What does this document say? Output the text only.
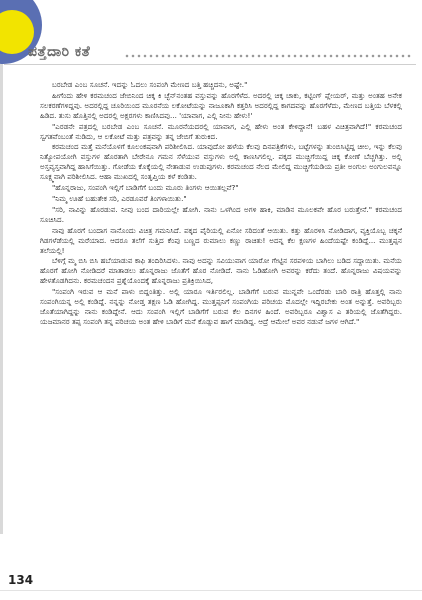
ಪತ್ತೆದಾರಿ ಕತೆ

ಬರಬೇಡ ಎಂಬ ಸೂಚನೆ. ಇದನ್ನು ಓದಲು ಸಂಪಂಗಿ ಮೇಣದ ಬತ್ತಿ ಹಚ್ಚಿದನು, ಅಷ್ಟೇ."

ಹೀಗೆಂದು ಹೇಳಿ ಕರಮಚಂದ ಜೇಬಿನಿಂದ ಚಿಕ್ಕ ಕಿ ಚ್ಛೆನ್‌ನಂತಹ ವಸ್ತುವನ್ನು ಹೊರಗೆಳೆದ. ಅದರಲ್ಲಿ ಚಿಕ್ಕ ಚಾಕು, ಕಟ್ಟಿಂಗ್ ಪ್ಲೇಯರ್, ಮತ್ತು ಅಂತಹ ಅನೇಕ ಸಲಕರಣೆಗಳಿದ್ದವು. ಅದರಲ್ಲಿದ್ದ ಚೂರಿಯಿಂದ ಮೂರನೆಯ ಲಕೋಟೆಯನ್ನು ನಾಜೂಕಾಗಿ ಕತ್ತರಿಸಿ ಅದರಲ್ಲಿದ್ದ ಕಾಗದವನ್ನು ಹೊರಗೆಳೆದು, ಮೇಣದ ಬತ್ತಿಯ ಬೆಳಕಲ್ಲಿ ಹಿಡಿದ. ತುಸು ಹೊತ್ತಿನಲ್ಲಿ ಅದರಲ್ಲಿ ಅಕ್ಷರಗಳು ಕಾಣಿಸಿದವು... 'ಯಾವಾಗ, ಎಲ್ಲಿ ನೀನು ಹೇಳು!'

"ಎರಡನೇ ಪತ್ರದಲ್ಲಿ ಬರಬೇಡ ಎಂಬ ಸೂಚನೆ. ಮೂರನೆಯದರಲ್ಲಿ ಯಾವಾಗ, ಎಲ್ಲಿ ಹೇಳು ಅಂತ ಕೇಳಿದ್ದಾನೆ! ಬಹಳ ವಿಚಿತ್ರವಾಗಿದೆ!" ಕರಮಚಂದ ಸ್ವಗತವೆಂಬಂತೆ ನುಡಿದು, ಆ ಲಕೋಟೆ ಮತ್ತು ಪತ್ರವನ್ನು ತನ್ನ ಜೇಬಿಗೆ ತುರುಕಿದ.

ಕರಮಚಂದ ಮತ್ತೆ ಮನೆಯೊಳಗೆ ಕೂಲಂಕಷವಾಗಿ ಪರಿಶೀಲಿಸಿದ. ಯಾವುದೋ ಹಳೆಯ ಕೆಲವು ದಿನಪತ್ರಿಕೆಗಳು, ಬಟ್ಟೆಗಳನ್ನು ತುಂಬಿಸಿಟ್ಟಿದ್ದ ಚೀಲ, ಇನ್ನು ಕೆಲವು ನಿತ್ಯೋಪಯೋಗಿ ವಸ್ತುಗಳ ಹೊರತಾಗಿ ಬೇರೇನೂ ಗಮನ ಸೆಳೆಯುವ ವಸ್ತುಗಳು ಅಲ್ಲಿ ಕಾಣಸಿಗಲಿಲ್ಲ. ಪಕ್ಕದ ಮುಚ್ಚಿಗೆಯಿದ್ದ ಚಿಕ್ಕ ಕೋಣೆ ಬೆಚ್ಚಗಿತ್ತು. ಅಲ್ಲಿ ಅಸ್ತವ್ಯಸ್ತವಾಗಿದ್ದ ಹಾಸಿಗೆಯಿತ್ತು. ಗೋಡೆಯ ಕೊಕ್ಕೆಯಲ್ಲಿ ನೇತಾಡುವ ಉಡುಪುಗಳು. ಕರಮಚಂದ ನೆಲದ ಮೇಲಿದ್ದ ಮುಚ್ಚಿಗೆಯಡಿಯ ಪ್ರತೀ ಅಂಗುಲ ಅಂಗುಲವನ್ನೂ ಸೂಕ್ಷ್ಮವಾಗಿ ಪರಿಶೀಲಿಸಿದ. ಆಹಾ ಮುಖದಲ್ಲಿ ಸಂತೃಪ್ತಿಯ ಕಳೆ ಕಂಡಿತು.

"ಹೊನ್ನರಾಜು, ಸಂಪಂಗಿ ಇಲ್ಲಿಗೆ ಬಾಡಿಗೆಗೆ ಬಂದು ಮೂರು ತಿಂಗಳು ಆಯಿತಲ್ಲವೆ?"

"ನಿಮ್ಮ ಊಹೆ ಬಹುತೇಕ ಸರಿ, ಎರಡೂವರೆ ತಿಂಗಳಾಯಿತು."

"ಸರಿ, ನಾವಿನ್ನು ಹೊರಡುವ. ನೀವು ಬಂದ ದಾರಿಯಲ್ಲೇ ಹೋಗಿ. ನಾನು ಒಳಗಿಂದ ಅಗಳಿ ಹಾಕಿ, ಮಾಡಿನ ಮೂಲಕವೇ ಹೊರ ಬರುತ್ತೇನೆ." ಕರಮಚಂದ ಸೂಚಿಸಿದ.

ನಾವು ಹೊರಗೆ ಬಂದಾಗ ನಾನೊಂದು ವಿಚಿತ್ರ ಗಮನಿಸಿದೆ. ಪಕ್ಕದ ಪೈರಿಯಲ್ಲಿ ಏನೋ ಸರಿದಂತೆ ಆಯಿತು. ಕತ್ತು ಹೊರಳಿಸಿ ನೋಡಿದಾಗ, ವ್ಯಕ್ತಿಯೊಬ್ಬ ಚಕ್ಕನೆ ಗಿಡಗಳೆಡೆಯಲ್ಲಿ ಮರೆಯಾದ. ಆದರೂ ತಲೆಗೆ ಸುತ್ತಿದ ಕೆಂಪು ಬಣ್ಣದ ರುಮಾಲು ಕಣ್ಣು ರಾಚಿತು! ಅದನ್ನ ಕೆಲ ಕ್ಷಣಗಳ ಹಿಂದೆಯಷ್ಟೇ ಕಂಡಿದ್ದೆ... ಮುತ್ತಪ್ಪನ ತಲೆಯಲ್ಲಿ!

ಬೆಳಿಗ್ಗೆ ಮ್ಮ ಬಿಸಿ ಬಿಸಿ ಹಬೆಯಾಡುವ ಕಾಫಿ ತಂದಿರಿಸಿದಳು. ನಾವು ಅದನ್ನು ಸವಿಯುವಾಗ ಯಾರೋ ಗೇಟ್ಟಿನ ಸರಪಳಿಯ ಬಾಗಿಲು ಬಡಿದ ಸದ್ದಾಯಿತು. ಮನೆಯ ಹೊರಗೆ ಹೋಗಿ ನೋಡಿದರೆ ಮಾತಾಡಲು ಹೊನ್ನರಾಜು ಜೊತೆಗೆ ಹೊರ ನೋಡಿದೆ. ನಾನು ಓಡಿಹೋಗಿ ಅವರನ್ನು ಕರೆದು ತಂದೆ. ಹೊನ್ನರಾಜು ವಿಷಯವನ್ನು ಹೇಳತೊಡಗಿದನು. ಕರಮಚಂದನ ಪ್ರಶ್ನೆಯೊಂದಕ್ಕೆ ಹೊನ್ನರಾಜು ಪ್ರತಿಕ್ರಿಯಿಸಿದ,

"ಸಂಪಂಗಿ ಇರುವ ಆ ಮನೆ ಪಾಳು ಬಿದ್ದಂತಿತ್ತು. ಅಲ್ಲಿ ಯಾರೂ ಇರ್ತಿರಲಿಲ್ಲ. ಬಾಡಿಗೆಗೆ ಬರುವ ಮುನ್ನವೇ ಒಂದೆರಡು ಬಾರಿ ರಾತ್ರಿ ಹೊತ್ತಲ್ಲಿ ನಾನು ಸಂಪಂಗಿಯನ್ನ ಅಲ್ಲಿ ಕಂಡಿದ್ದೆ. ನನ್ನನ್ನು ನೋಡ್ತ ತಕ್ಷಣ ಓಡಿ ಹೋಗಿದ್ದ. ಮುತ್ತಪ್ಪನಿಗೆ ಸಂಪಂಗಿಯ ಪರಿಚಯ ಮೊದಲ್ಲೇ ಇದ್ದಿರಬೇಕು ಅಂತ ಅನ್ನುತ್ತೆ. ಅವರಿಬ್ಬರು ಜೊತೆಯಾಗಿದ್ದನ್ನು ನಾನು ಕಂಡಿದ್ದೇನೆ. ಆದು ಸಂಪಂಗಿ ಇಲ್ಲಿಗೆ ಬಾಡಿಗೆಗೆ ಬರುವ ಕೆಲ ದಿನಗಳ ಹಿಂದೆ. ಅವರಿಬ್ಬರೂ ವಿಶ್ವಾಸ ಎ ತರಿಯಲ್ಲಿ ಜೊತೆಗಿದ್ದರು. ಯಜಮಾನರ ತಪ್ಪ ಸಂಪಂಗಿ ತನ್ನ ಪರಿಚಯ ಅಂತ ಹೇಳಿ ಬಾಡಿಗೆ ಮನೆ ಕೊಡ್ಸುವ ಹಾಗೆ ಮಾಡಿದ್ದ. ಆದ್ರೆ ಆಮೇಲೆ ಅವರ ನಡುವೆ ಜಗಳ ಆಗಿದೆ."

134
